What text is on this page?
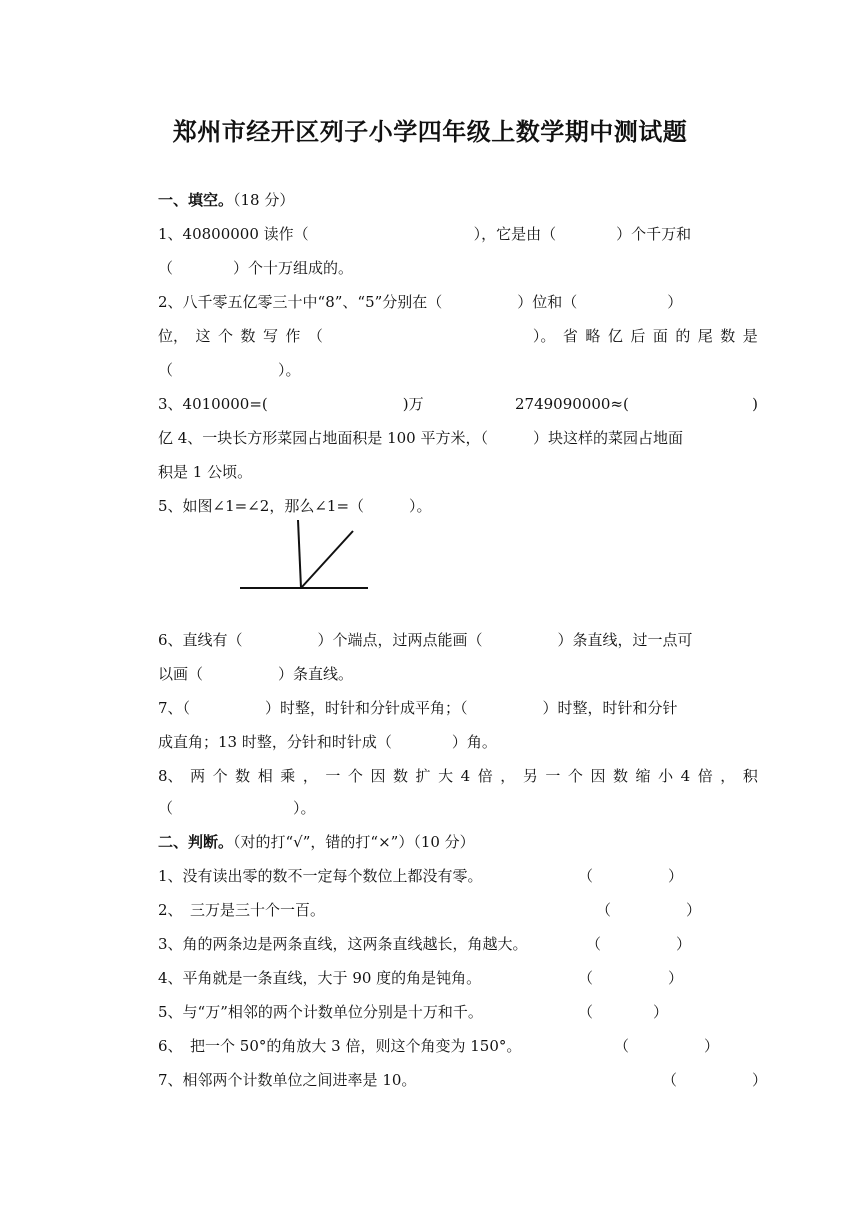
郑州市经开区列子小学四年级上数学期中测试题
一、填空。（18 分）
1、40800000 读作（　　　　　　　　　　　），它是由（　　　　）个千万和
（　　　　）个十万组成的。
2、八千零五亿零三十中“8”、“5”分别在（　　　　　）位和（　　　　　　）
位， 这 个 数 写 作 （　　　　　　　　　　　　　　）。 省 略 亿 后 面 的 尾 数 是
（　　　　　　　）。
3、4010000=(　　　　　　　　　)万	2749090000≈(	)
亿 4、一块长方形菜园占地面积是 100 平方米，（　　　）块这样的菜园占地面
积是 1 公顷。
5、如图∠1=∠2，那么∠1=（　　　）。
6、直线有（　　　　　）个端点，过两点能画（　　　　　）条直线，过一点可
以画（　　　　　）条直线。
7、（　　　　　）时整，时针和分针成平角；（　　　　　）时整，时针和分针
成直角；13 时整，分针和时针成（　　　　）角。
8、 两 个 数 相 乘 ， 一 个 因 数 扩 大 4 倍 ， 另 一 个 因 数 缩 小 4 倍 ， 积
（　　　　　　　　）。
二、判断。（对的打“√”，错的打“×”）（10 分）
1、没有读出零的数不一定每个数位上都没有零。	（　　　　　）
2、　三万是三十个一百。	（　　　　　）
3、角的两条边是两条直线，这两条直线越长，角越大。	（　　　　　）
4、平角就是一条直线，大于 90 度的角是钝角。	（　　　　　）
5、与“万”相邻的两个计数单位分别是十万和千。	（　　　　）
6、　把一个 50°的角放大 3 倍，则这个角变为 150°。	（　　　　　）
7、相邻两个计数单位之间进率是 10。	（　　　　　）
